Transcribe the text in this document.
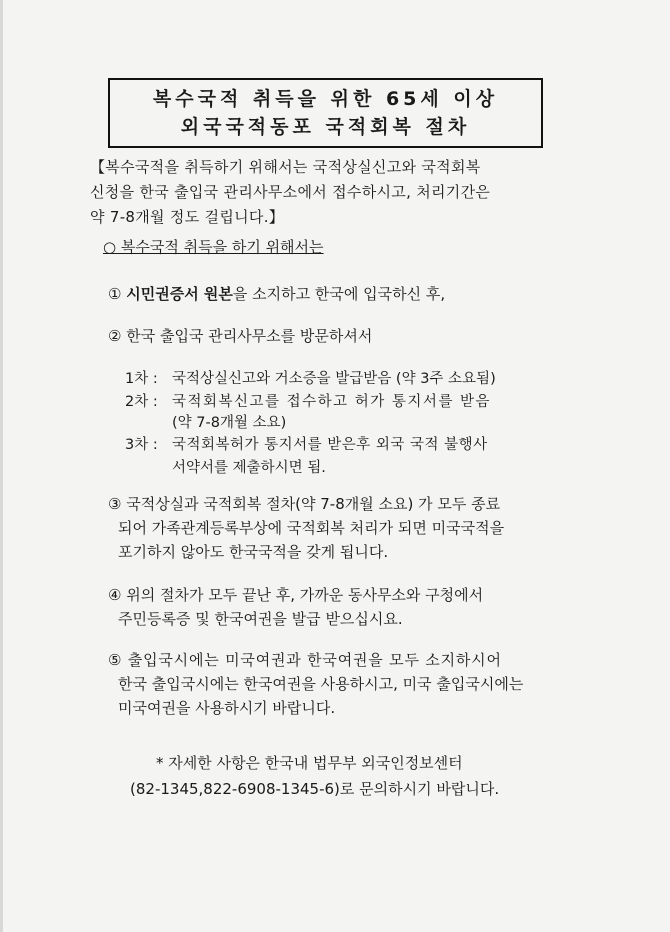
복수국적 취득을 위한 65세 이상
외국국적동포 국적회복 절차
【복수국적을 취득하기 위해서는 국적상실신고와 국적회복
신청을 한국 출입국 관리사무소에서 접수하시고, 처리기간은
약 7-8개월 정도 걸립니다.】
○ 복수국적 취득을 하기 위해서는
① 시민권증서 원본을 소지하고 한국에 입국하신 후,
② 한국 출입국 관리사무소를 방문하셔서
1차 : 국적상실신고와 거소증을 발급받음 (약 3주 소요됨)
2차 : 국적회복신고를 접수하고 허가 통지서를 받음
(약 7-8개월 소요)
3차 : 국적회복허가 통지서를 받은후 외국 국적 불행사
서약서를 제출하시면 됨.
③ 국적상실과 국적회복 절차(약 7-8개월 소요) 가 모두 종료
되어 가족관계등록부상에 국적회복 처리가 되면 미국국적을
포기하지 않아도 한국국적을 갖게 됩니다.
④ 위의 절차가 모두 끝난 후, 가까운 동사무소와 구청에서
주민등록증 및 한국여권을 발급 받으십시요.
⑤ 출입국시에는 미국여권과 한국여권을 모두 소지하시어
한국 출입국시에는 한국여권을 사용하시고, 미국 출입국시에는
미국여권을 사용하시기 바랍니다.
* 자세한 사항은 한국내 법무부 외국인정보센터
(82-1345,822-6908-1345-6)로 문의하시기 바랍니다.
